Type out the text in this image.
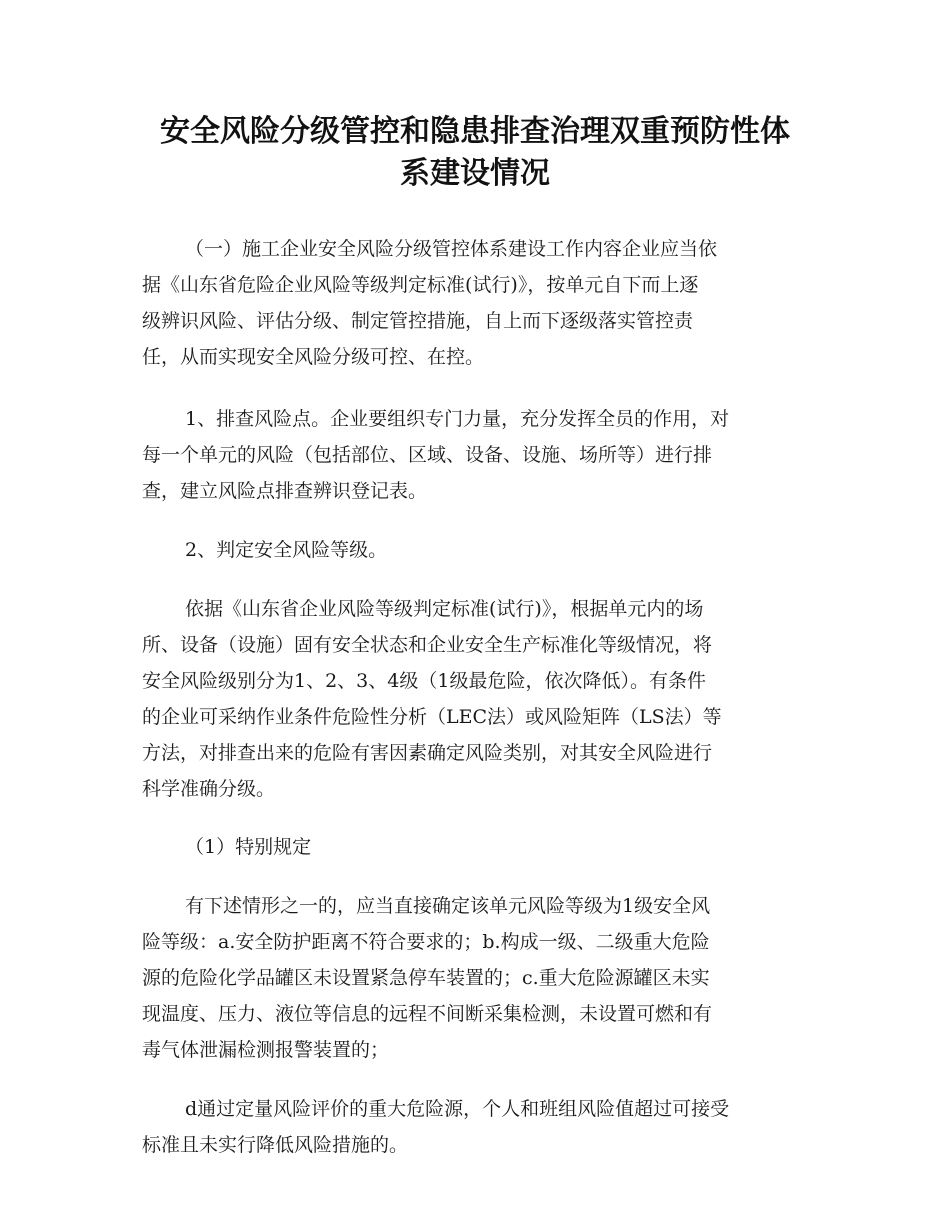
安全风险分级管控和隐患排查治理双重预防性体
系建设情况

（一）施工企业安全风险分级管控体系建设工作内容企业应当依

据《山东省危险企业风险等级判定标准(试行)》，按单元自下而上逐

级辨识风险、评估分级、制定管控措施，自上而下逐级落实管控责

任，从而实现安全风险分级可控、在控。

1、排查风险点。企业要组织专门力量，充分发挥全员的作用，对

每一个单元的风险（包括部位、区域、设备、设施、场所等）进行排

查，建立风险点排查辨识登记表。

2、判定安全风险等级。

依据《山东省企业风险等级判定标准(试行)》，根据单元内的场

所、设备（设施）固有安全状态和企业安全生产标准化等级情况，将

安全风险级别分为1、2、3、4级（1级最危险，依次降低）。有条件

的企业可采纳作业条件危险性分析（LEC法）或风险矩阵（LS法）等

方法，对排查出来的危险有害因素确定风险类别，对其安全风险进行

科学准确分级。

（1）特别规定

有下述情形之一的，应当直接确定该单元风险等级为1级安全风

险等级：a.安全防护距离不符合要求的；b.构成一级、二级重大危险

源的危险化学品罐区未设置紧急停车装置的；c.重大危险源罐区未实

现温度、压力、液位等信息的远程不间断采集检测，未设置可燃和有

毒气体泄漏检测报警装置的；

d通过定量风险评价的重大危险源，个人和班组风险值超过可接受

标准且未实行降低风险措施的。
